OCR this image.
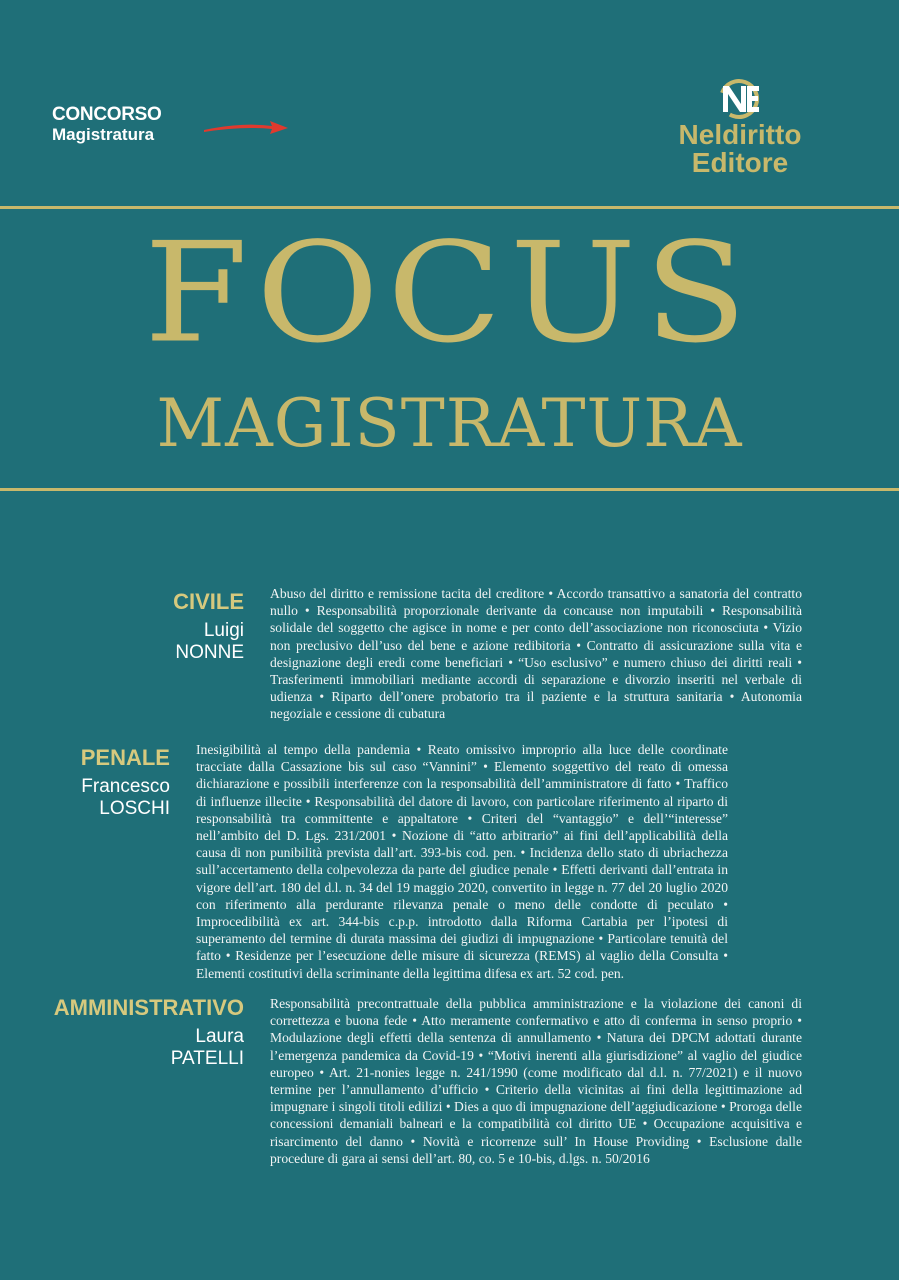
CONCORSO
Magistratura	Neldiritto
Editore
FOCUS
MAGISTRATURA
CIVILE
Luigi
NONNE
Abuso del diritto e remissione tacita del creditore • Accordo transattivo a sanatoria del contratto nullo • Responsabilità proporzionale derivante da concause non imputabili • Responsabilità solidale del soggetto che agisce in nome e per conto dell’associazione non riconosciuta • Vizio non preclusivo dell’uso del bene e azione redibitoria • Contratto di assicurazione sulla vita e designazione degli eredi come beneficiari • “Uso esclusivo” e numero chiuso dei diritti reali • Trasferimenti immobiliari mediante accordi di separazione e divorzio inseriti nel verbale di udienza • Riparto dell’onere probatorio tra il paziente e la struttura sanitaria • Autonomia negoziale e cessione di cubatura
PENALE
Francesco
LOSCHI
Inesigibilità al tempo della pandemia • Reato omissivo improprio alla luce delle coordinate tracciate dalla Cassazione bis sul caso “Vannini” • Elemento soggettivo del reato di omessa dichiarazione e possibili interferenze con la responsabilità dell’amministratore di fatto • Traffico di influenze illecite • Responsabilità del datore di lavoro, con particolare riferimento al riparto di responsabilità tra committente e appaltatore • Criteri del “vantaggio” e dell’“interesse” nell’ambito del D. Lgs. 231/2001 • Nozione di “atto arbitrario” ai fini dell’applicabilità della causa di non punibilità prevista dall’art. 393-bis cod. pen. • Incidenza dello stato di ubriachezza sull’accertamento della colpevolezza da parte del giudice penale • Effetti derivanti dall’entrata in vigore dell’art. 180 del d.l. n. 34 del 19 maggio 2020, convertito in legge n. 77 del 20 luglio 2020 con riferimento alla perdurante rilevanza penale o meno delle condotte di peculato • Improcedibilità ex art. 344-bis c.p.p. introdotto dalla Riforma Cartabia per l’ipotesi di superamento del termine di durata massima dei giudizi di impugnazione • Particolare tenuità del fatto • Residenze per l’esecuzione delle misure di sicurezza (REMS) al vaglio della Consulta • Elementi costitutivi della scriminante della legittima difesa ex art. 52 cod. pen.
AMMINISTRATIVO
Laura
PATELLI
Responsabilità precontrattuale della pubblica amministrazione e la violazione dei canoni di correttezza e buona fede • Atto meramente confermativo e atto di conferma in senso proprio • Modulazione degli effetti della sentenza di annullamento • Natura dei DPCM adottati durante l’emergenza pandemica da Covid-19 • “Motivi inerenti alla giurisdizione” al vaglio del giudice europeo • Art. 21-nonies legge n. 241/1990 (come modificato dal d.l. n. 77/2021) e il nuovo termine per l’annullamento d’ufficio • Criterio della vicinitas ai fini della legittimazione ad impugnare i singoli titoli edilizi • Dies a quo di impugnazione dell’aggiudicazione • Proroga delle concessioni demaniali balneari e la compatibilità col diritto UE • Occupazione acquisitiva e risarcimento del danno • Novità e ricorrenze sull’ In House Providing • Esclusione dalle procedure di gara ai sensi dell’art. 80, co. 5 e 10-bis, d.lgs. n. 50/2016
